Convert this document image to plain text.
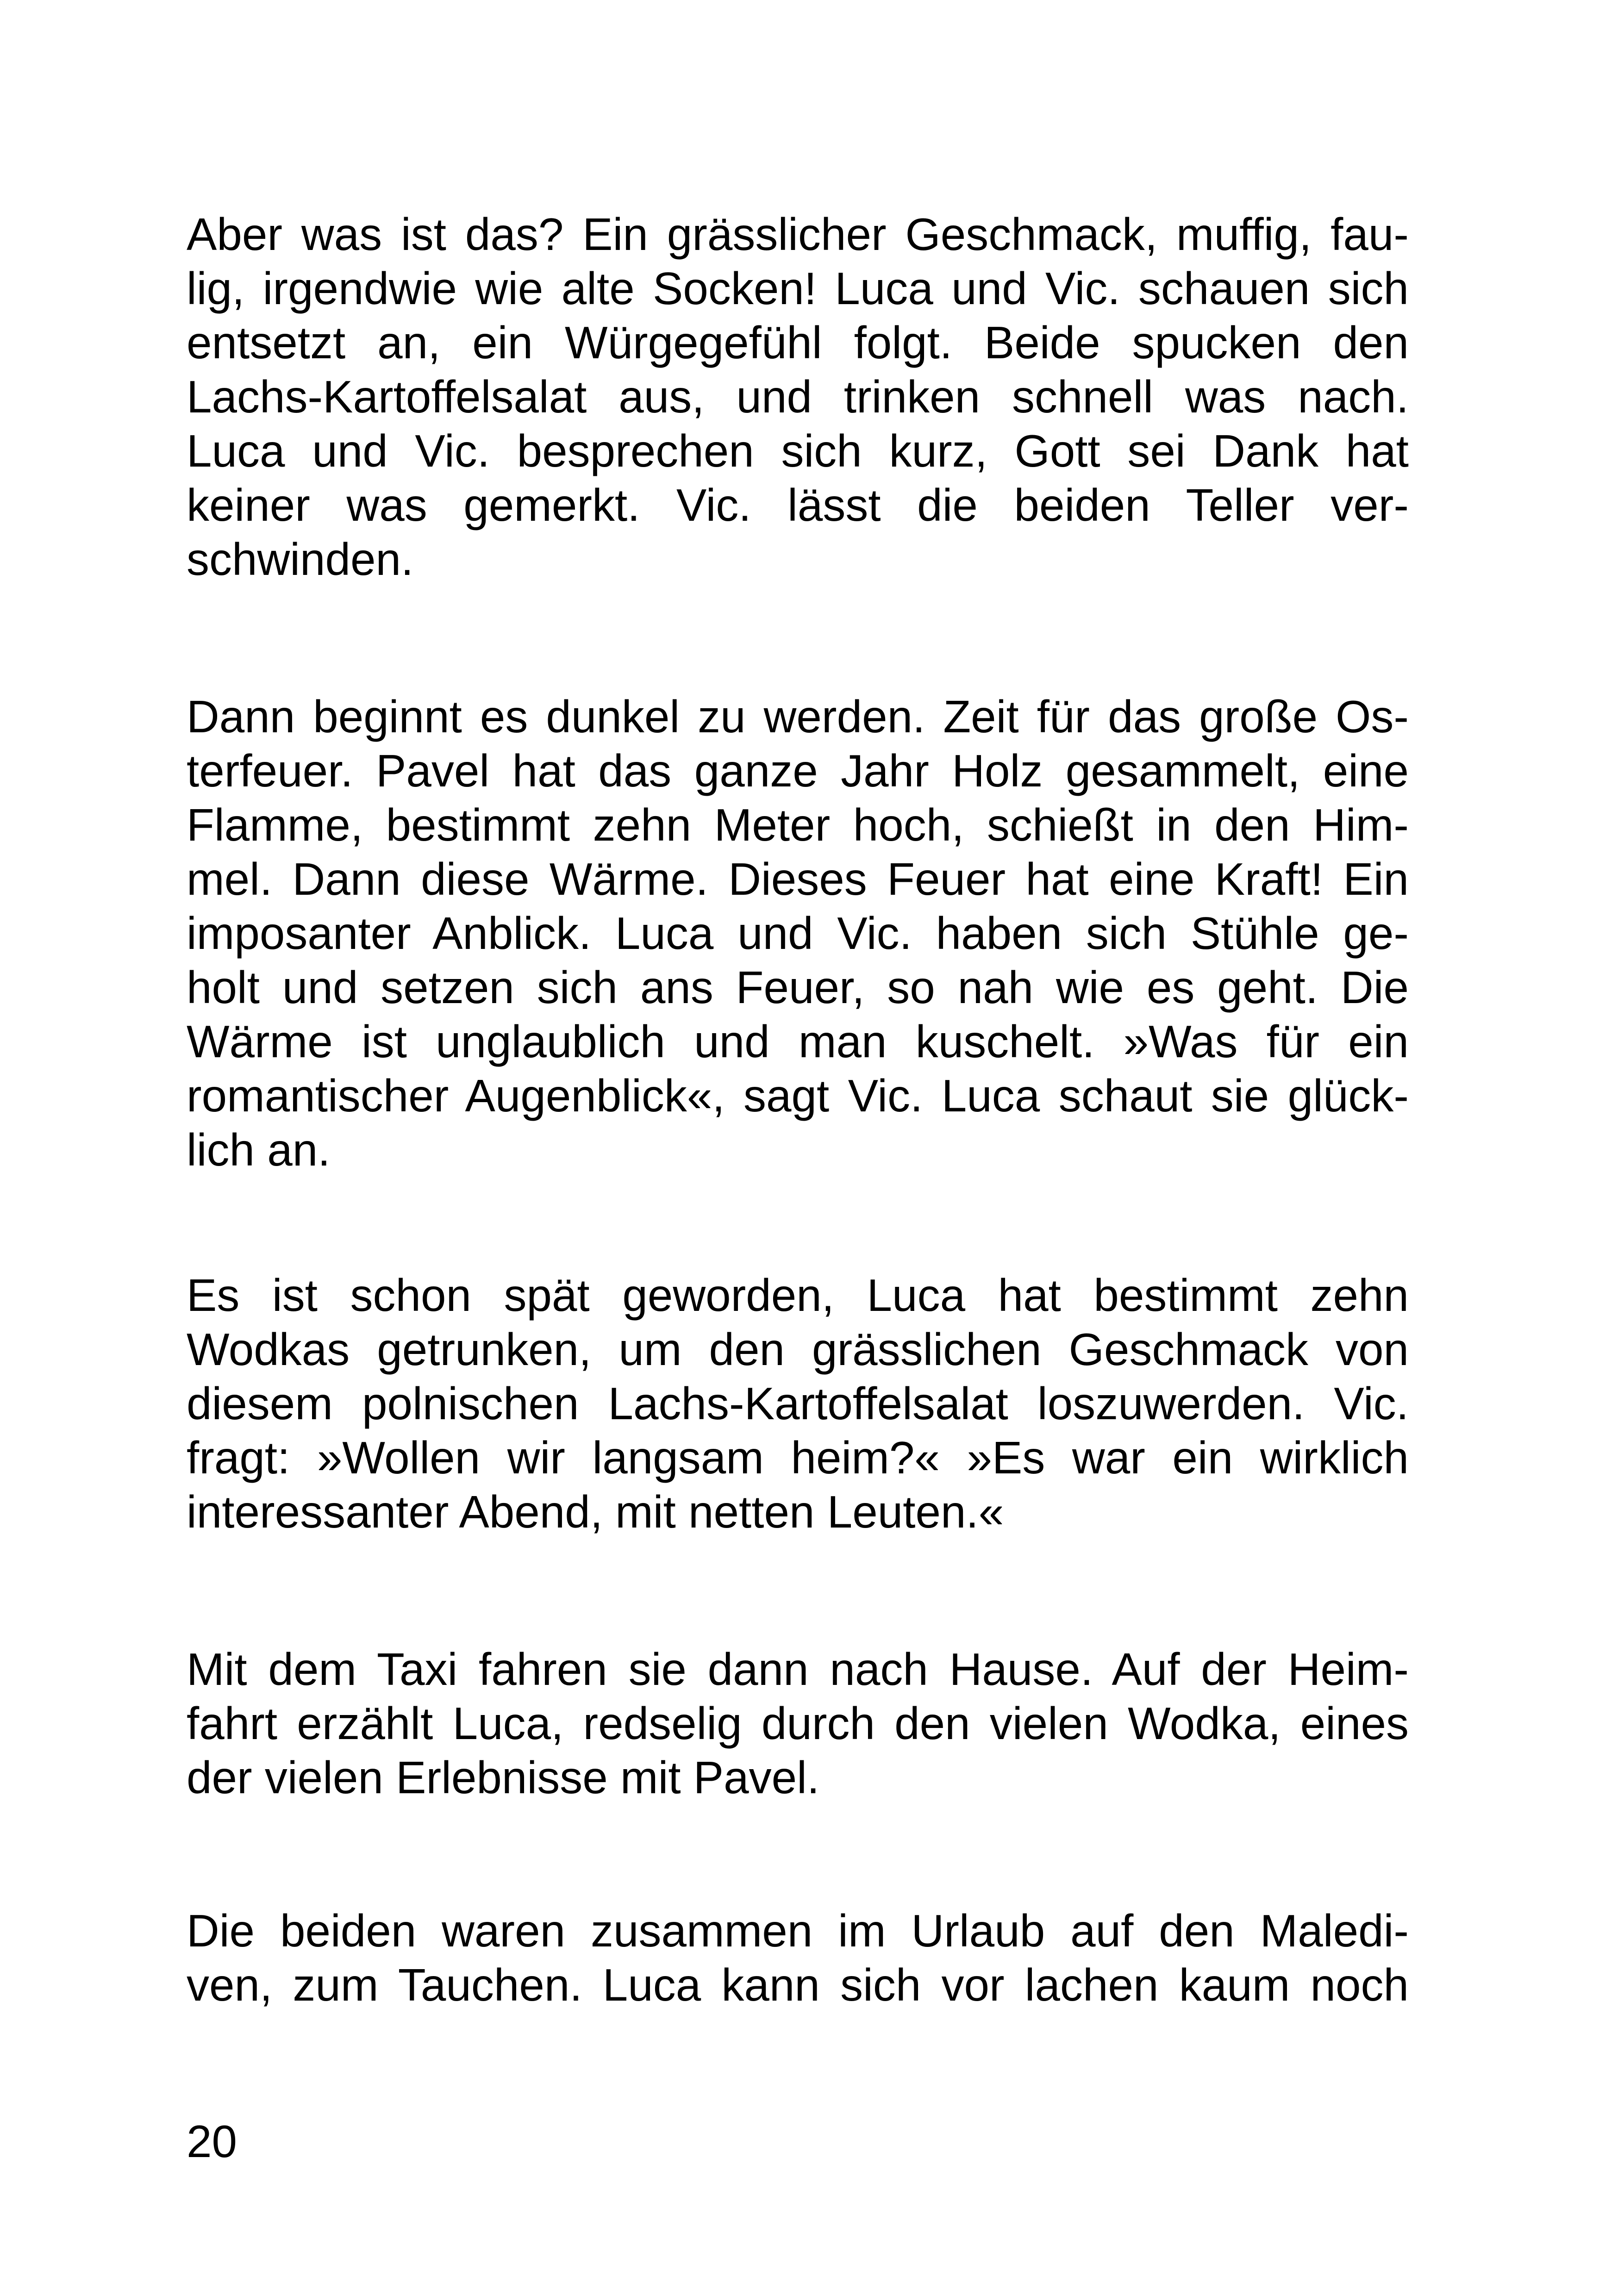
Aber was ist das? Ein grässlicher Geschmack, muffig, fau-
lig, irgendwie wie alte Socken! Luca und Vic. schauen sich
entsetzt an, ein Würgegefühl folgt. Beide spucken den
Lachs-Kartoffelsalat aus, und trinken schnell was nach.
Luca und Vic. besprechen sich kurz, Gott sei Dank hat
keiner was gemerkt. Vic. lässt die beiden Teller ver-
schwinden.

Dann beginnt es dunkel zu werden. Zeit für das große Os-
terfeuer. Pavel hat das ganze Jahr Holz gesammelt, eine
Flamme, bestimmt zehn Meter hoch, schießt in den Him-
mel. Dann diese Wärme. Dieses Feuer hat eine Kraft! Ein
imposanter Anblick. Luca und Vic. haben sich Stühle ge-
holt und setzen sich ans Feuer, so nah wie es geht. Die
Wärme ist unglaublich und man kuschelt. »Was für ein
romantischer Augenblick«, sagt Vic. Luca schaut sie glück-
lich an.

Es ist schon spät geworden, Luca hat bestimmt zehn
Wodkas getrunken, um den grässlichen Geschmack von
diesem polnischen Lachs-Kartoffelsalat loszuwerden. Vic.
fragt: »Wollen wir langsam heim?« »Es war ein wirklich
interessanter Abend, mit netten Leuten.«

Mit dem Taxi fahren sie dann nach Hause. Auf der Heim-
fahrt erzählt Luca, redselig durch den vielen Wodka, eines
der vielen Erlebnisse mit Pavel.

Die beiden waren zusammen im Urlaub auf den Maledi-
ven, zum Tauchen. Luca kann sich vor lachen kaum noch

20
